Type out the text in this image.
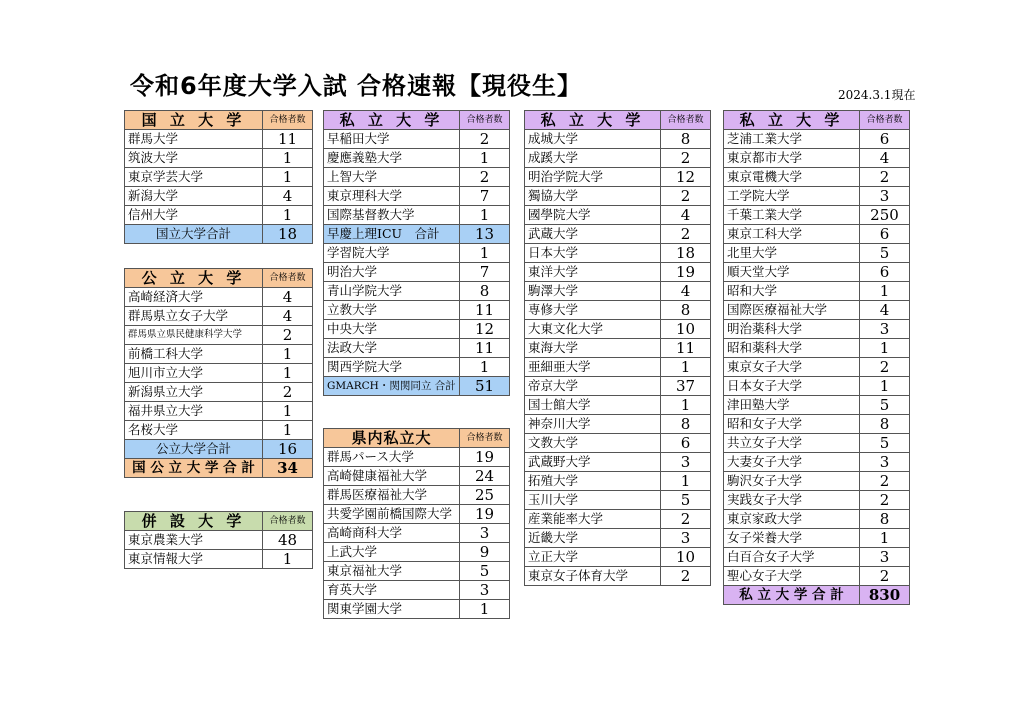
令和6年度大学入試 合格速報【現役生】	2024.3.1現在
国 立 大 学	合格者数
群馬大学	11
筑波大学	1
東京学芸大学	1
新潟大学	4
信州大学	1
国立大学合計	18
公 立 大 学	合格者数
高崎経済大学	4
群馬県立女子大学	4
群馬県立県民健康科学大学	2
前橋工科大学	1
旭川市立大学	1
新潟県立大学	2
福井県立大学	1
名桜大学	1
公立大学合計	16
国 公 立 大 学 合 計	34
併 設 大 学	合格者数
東京農業大学	48
東京情報大学	1
私 立 大 学	合格者数
早稲田大学	2
慶應義塾大学	1
上智大学	2
東京理科大学	7
国際基督教大学	1
早慶上理ICU　合計	13
学習院大学	1
明治大学	7
青山学院大学	8
立教大学	11
中央大学	12
法政大学	11
関西学院大学	1
GMARCH・関関同立 合計	51
県内私立大	合格者数
群馬パース大学	19
高崎健康福祉大学	24
群馬医療福祉大学	25
共愛学園前橋国際大学	19
高崎商科大学	3
上武大学	9
東京福祉大学	5
育英大学	3
関東学園大学	1
私 立 大 学	合格者数
成城大学	8
成蹊大学	2
明治学院大学	12
獨協大学	2
國學院大学	4
武蔵大学	2
日本大学	18
東洋大学	19
駒澤大学	4
専修大学	8
大東文化大学	10
東海大学	11
亜細亜大学	1
帝京大学	37
国士館大学	1
神奈川大学	8
文教大学	6
武蔵野大学	3
拓殖大学	1
玉川大学	5
産業能率大学	2
近畿大学	3
立正大学	10
東京女子体育大学	2
私 立 大 学	合格者数
芝浦工業大学	6
東京都市大学	4
東京電機大学	2
工学院大学	3
千葉工業大学	250
東京工科大学	6
北里大学	5
順天堂大学	6
昭和大学	1
国際医療福祉大学	4
明治薬科大学	3
昭和薬科大学	1
東京女子大学	2
日本女子大学	1
津田塾大学	5
昭和女子大学	8
共立女子大学	5
大妻女子大学	3
駒沢女子大学	2
実践女子大学	2
東京家政大学	8
女子栄養大学	1
白百合女子大学	3
聖心女子大学	2
私 立 大 学 合 計	830
